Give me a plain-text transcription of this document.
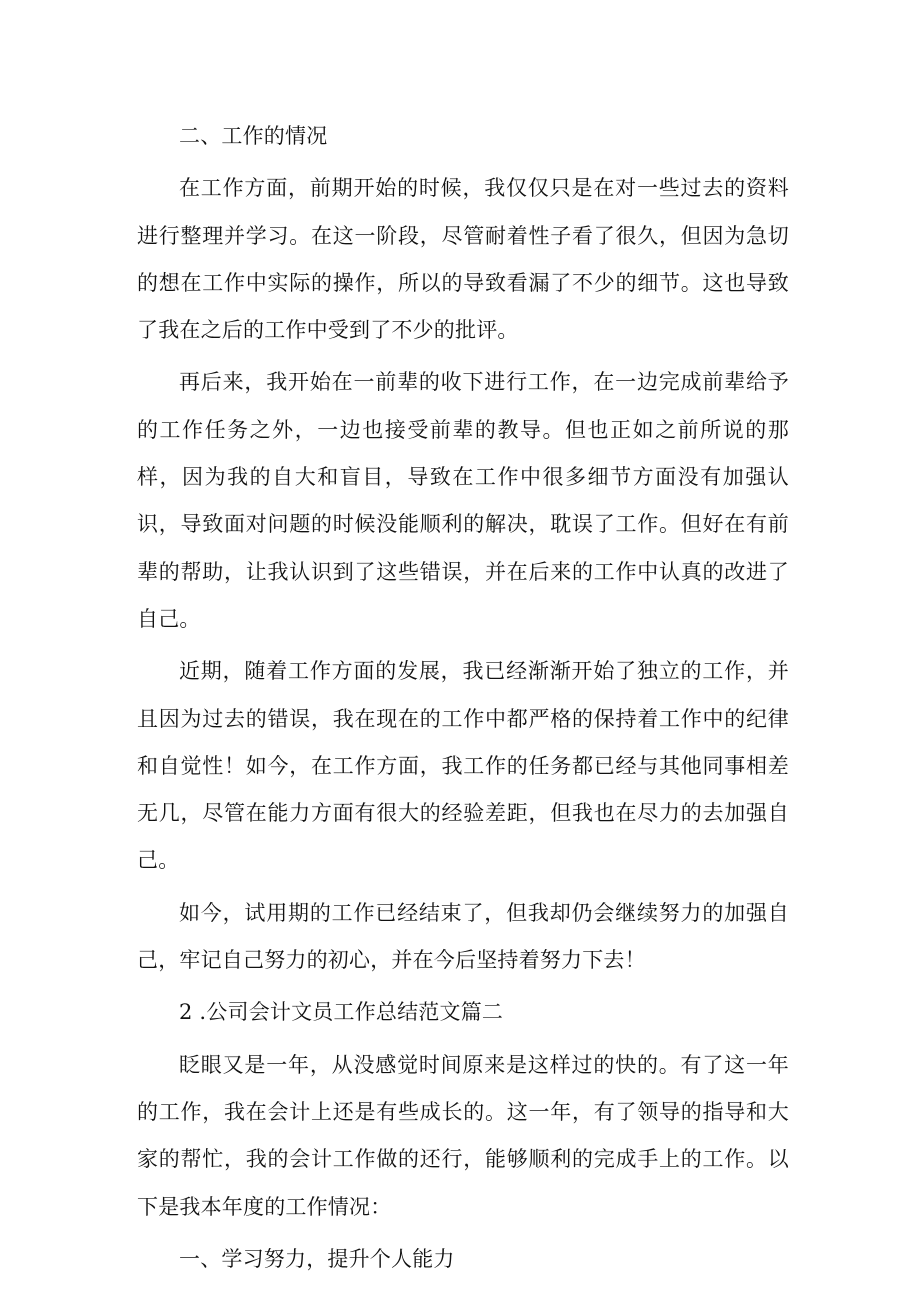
二、工作的情况

在工作方面，前期开始的时候，我仅仅只是在对一些过去的资料进行整理并学习。在这一阶段，尽管耐着性子看了很久，但因为急切的想在工作中实际的操作，所以的导致看漏了不少的细节。这也导致了我在之后的工作中受到了不少的批评。

再后来，我开始在一前辈的收下进行工作，在一边完成前辈给予的工作任务之外，一边也接受前辈的教导。但也正如之前所说的那样，因为我的自大和盲目，导致在工作中很多细节方面没有加强认识，导致面对问题的时候没能顺利的解决，耽误了工作。但好在有前辈的帮助，让我认识到了这些错误，并在后来的工作中认真的改进了自己。

近期，随着工作方面的发展，我已经渐渐开始了独立的工作，并且因为过去的错误，我在现在的工作中都严格的保持着工作中的纪律和自觉性！如今，在工作方面，我工作的任务都已经与其他同事相差无几，尽管在能力方面有很大的经验差距，但我也在尽力的去加强自己。

如今，试用期的工作已经结束了，但我却仍会继续努力的加强自己，牢记自己努力的初心，并在今后坚持着努力下去！

2 .公司会计文员工作总结范文篇二

眨眼又是一年，从没感觉时间原来是这样过的快的。有了这一年的工作，我在会计上还是有些成长的。这一年，有了领导的指导和大家的帮忙，我的会计工作做的还行，能够顺利的完成手上的工作。以下是我本年度的工作情况：

一、学习努力，提升个人能力
